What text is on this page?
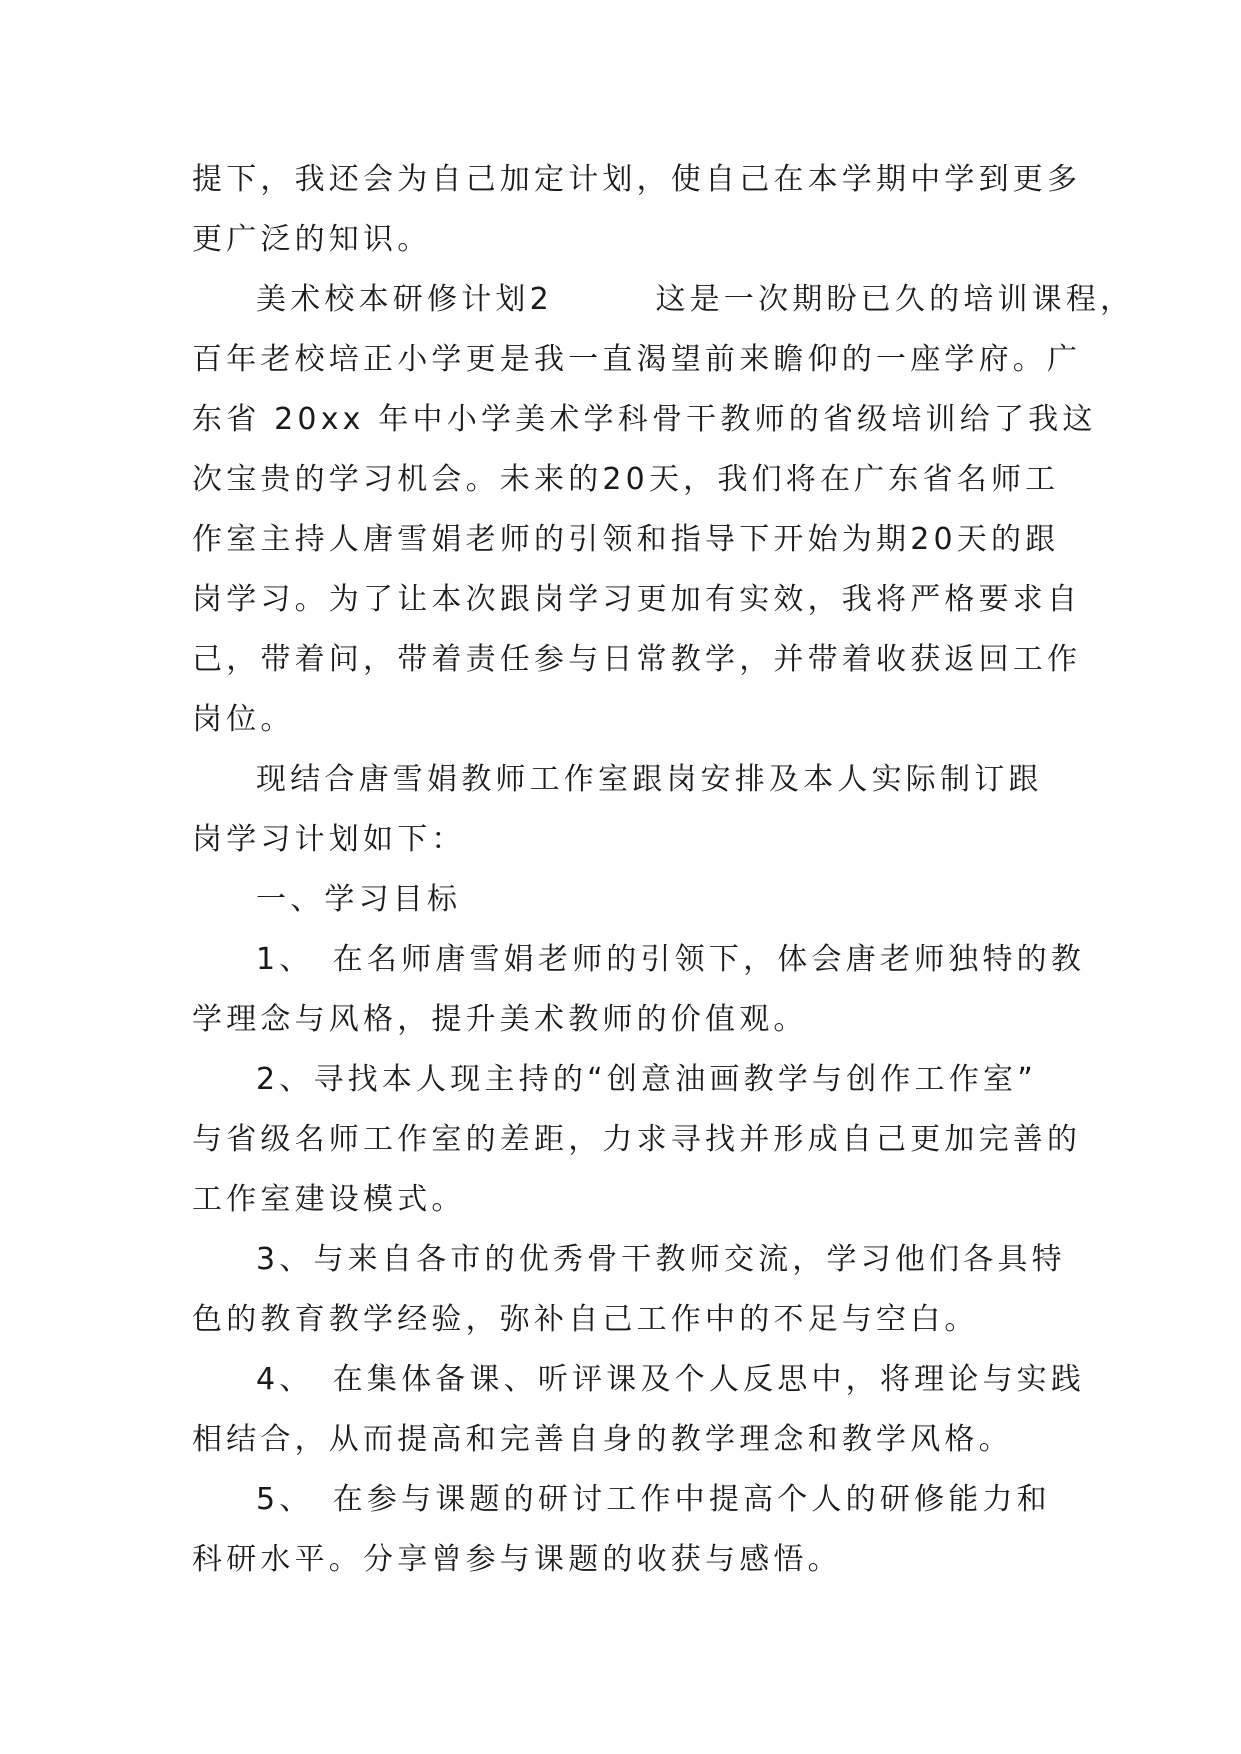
提下，我还会为自己加定计划，使自己在本学期中学到更多
更广泛的知识。
美术校本研修计划2　　　这是一次期盼已久的培训课程，
百年老校培正小学更是我一直渴望前来瞻仰的一座学府。广
东省 20xx 年中小学美术学科骨干教师的省级培训给了我这
次宝贵的学习机会。未来的20天，我们将在广东省名师工
作室主持人唐雪娟老师的引领和指导下开始为期20天的跟
岗学习。为了让本次跟岗学习更加有实效，我将严格要求自
己，带着问，带着责任参与日常教学，并带着收获返回工作
岗位。
现结合唐雪娟教师工作室跟岗安排及本人实际制订跟
岗学习计划如下：
一、学习目标
1、　在名师唐雪娟老师的引领下，体会唐老师独特的教
学理念与风格，提升美术教师的价值观。
2、寻找本人现主持的“创意油画教学与创作工作室”
与省级名师工作室的差距，力求寻找并形成自己更加完善的
工作室建设模式。
3、与来自各市的优秀骨干教师交流，学习他们各具特
色的教育教学经验，弥补自己工作中的不足与空白。
4、　在集体备课、听评课及个人反思中，将理论与实践
相结合，从而提高和完善自身的教学理念和教学风格。
5、　在参与课题的研讨工作中提高个人的研修能力和
科研水平。分享曾参与课题的收获与感悟。
